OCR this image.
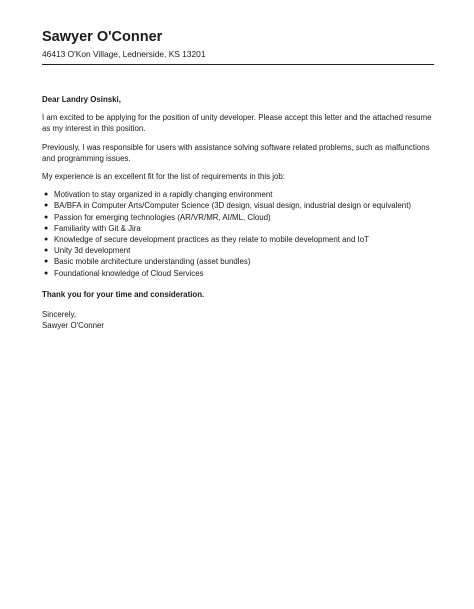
Sawyer O'Conner
46413 O'Kon Village, Lednerside, KS 13201

Dear Landry Osinski,

I am excited to be applying for the position of unity developer. Please accept this letter and the attached resume as my interest in this position.

Previously, I was responsible for users with assistance solving software related problems, such as malfunctions and programming issues.

My experience is an excellent fit for the list of requirements in this job:

● Motivation to stay organized in a rapidly changing environment
● BA/BFA in Computer Arts/Computer Science (3D design, visual design, industrial design or equivalent)
● Passion for emerging technologies (AR/VR/MR, AI/ML, Cloud)
● Familiarity with Git & Jira
● Knowledge of secure development practices as they relate to mobile development and IoT
● Unity 3d development
● Basic mobile architecture understanding (asset bundles)
● Foundational knowledge of Cloud Services

Thank you for your time and consideration.

Sincerely,

Sawyer O'Conner
